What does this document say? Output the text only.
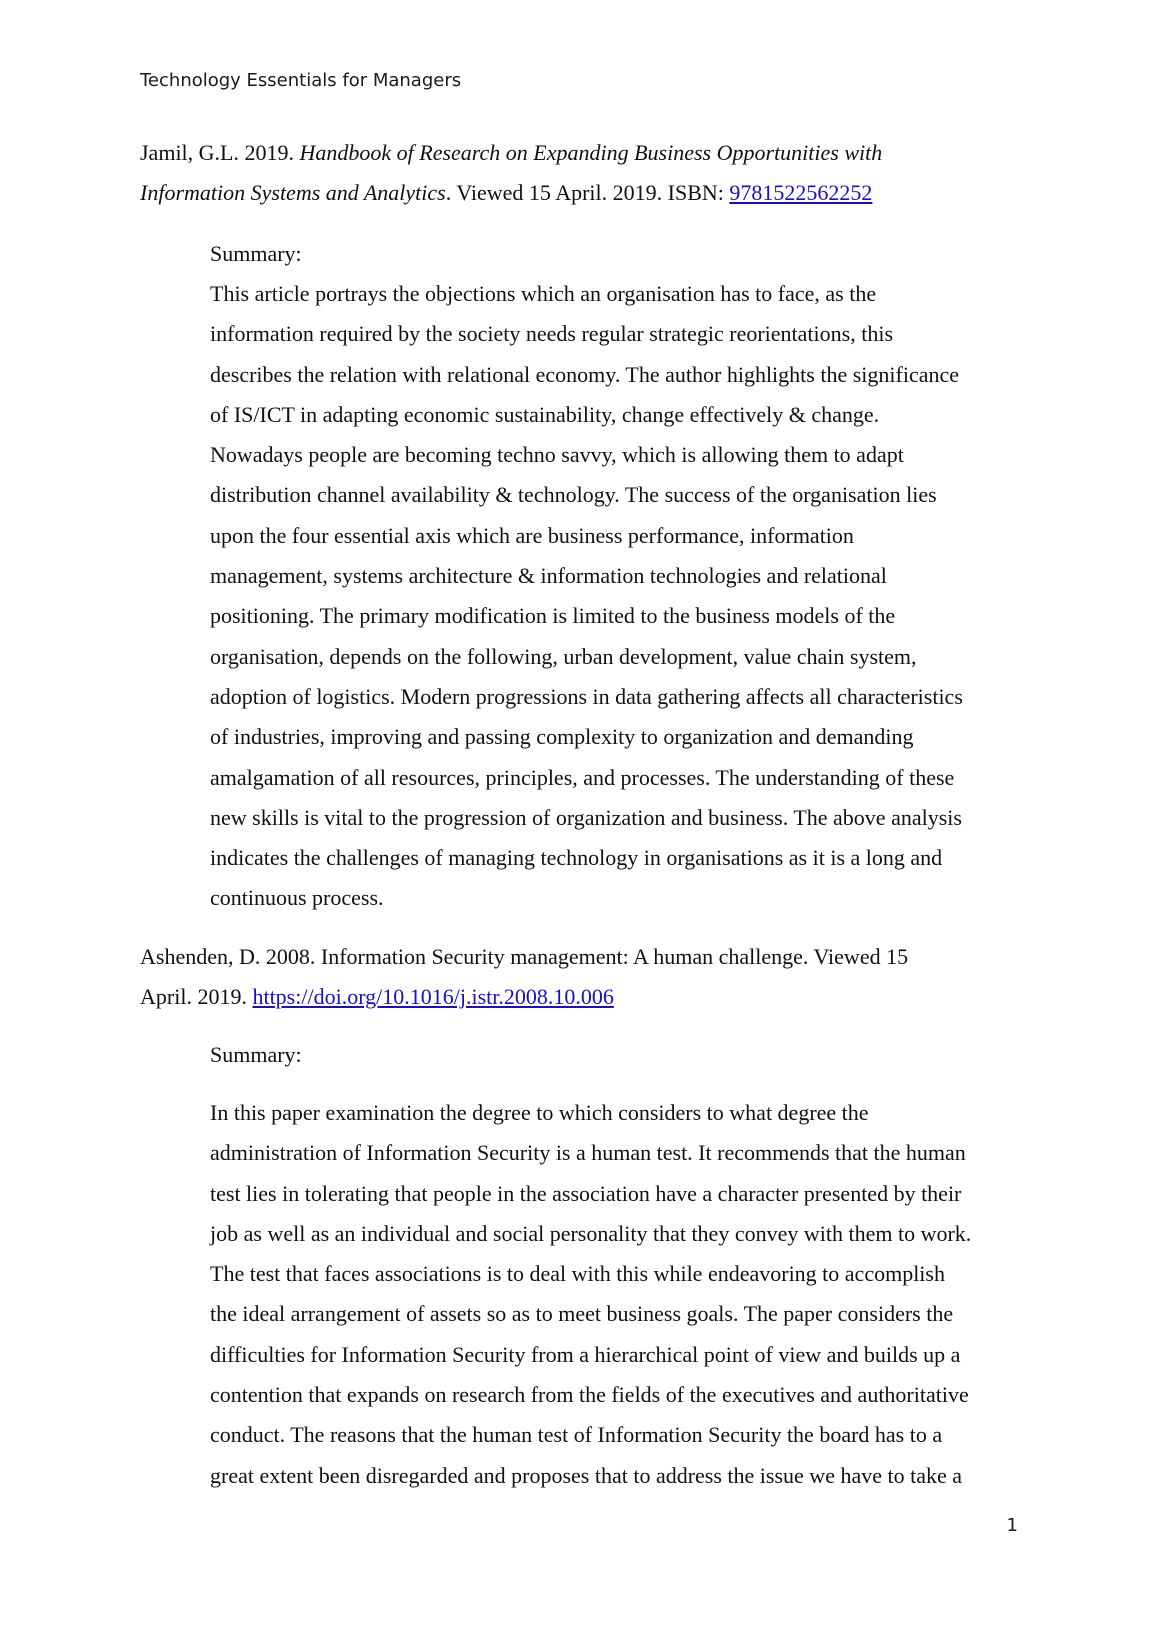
Technology Essentials for Managers
Jamil, G.L. 2019. Handbook of Research on Expanding Business Opportunities with
Information Systems and Analytics. Viewed 15 April. 2019. ISBN: 9781522562252
Summary:
This article portrays the objections which an organisation has to face, as the
information required by the society needs regular strategic reorientations, this
describes the relation with relational economy. The author highlights the significance
of IS/ICT in adapting economic sustainability, change effectively & change.
Nowadays people are becoming techno savvy, which is allowing them to adapt
distribution channel availability & technology. The success of the organisation lies
upon the four essential axis which are business performance, information
management, systems architecture & information technologies and relational
positioning. The primary modification is limited to the business models of the
organisation, depends on the following, urban development, value chain system,
adoption of logistics. Modern progressions in data gathering affects all characteristics
of industries, improving and passing complexity to organization and demanding
amalgamation of all resources, principles, and processes. The understanding of these
new skills is vital to the progression of organization and business. The above analysis
indicates the challenges of managing technology in organisations as it is a long and
continuous process.
Ashenden, D. 2008. Information Security management: A human challenge. Viewed 15
April. 2019. https://doi.org/10.1016/j.istr.2008.10.006
Summary:
In this paper examination the degree to which considers to what degree the
administration of Information Security is a human test. It recommends that the human
test lies in tolerating that people in the association have a character presented by their
job as well as an individual and social personality that they convey with them to work.
The test that faces associations is to deal with this while endeavoring to accomplish
the ideal arrangement of assets so as to meet business goals. The paper considers the
difficulties for Information Security from a hierarchical point of view and builds up a
contention that expands on research from the fields of the executives and authoritative
conduct. The reasons that the human test of Information Security the board has to a
great extent been disregarded and proposes that to address the issue we have to take a
1
